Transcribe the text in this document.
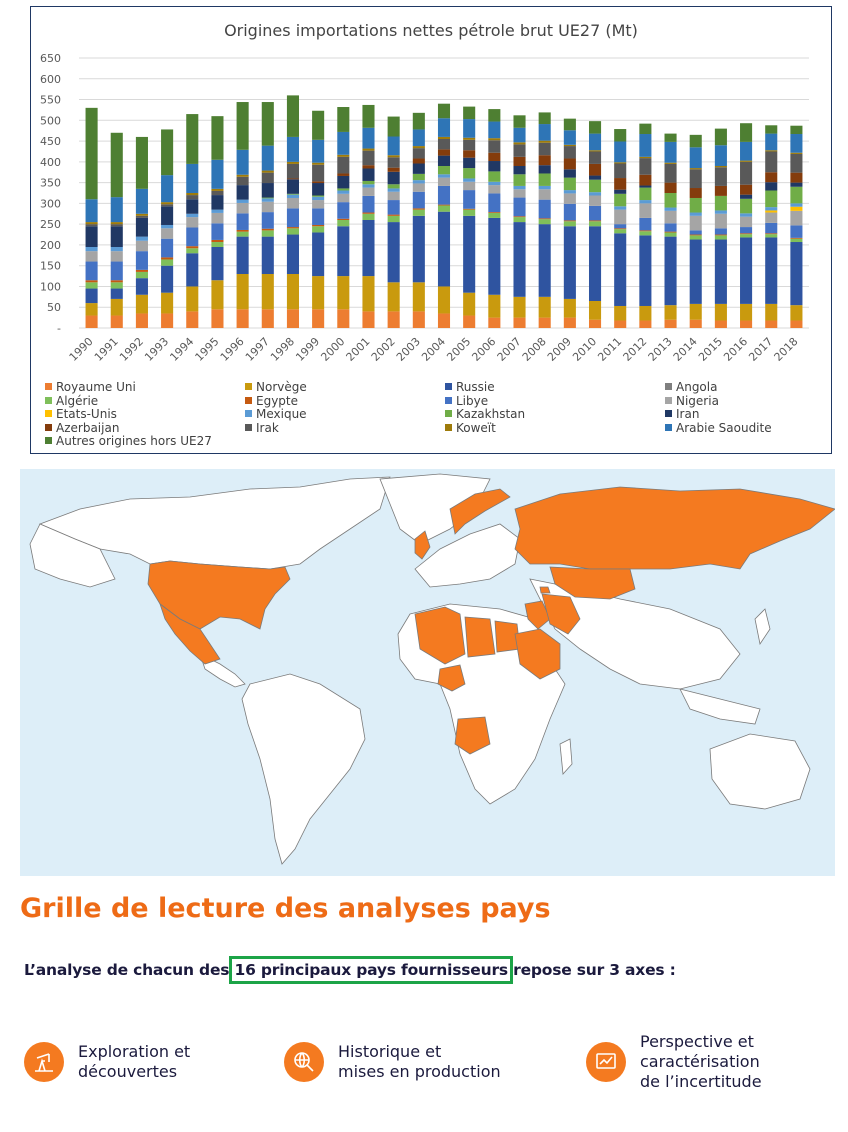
Origines importations nettes pétrole brut UE27 (Mt)
-
50
100
150
200
250
300
350
400
450
500
550
600
650
1990
1991
1992
1993
1994
1995
1996
1997
1998
1999
2000
2001
2002
2003
2004
2005
2006
2007
2008
2009
2010
2011
2012
2013
2014
2015
2016
2017
2018
Royaume Uni	Norvège	Russie	Angola
Algérie	Egypte	Libye	Nigeria
Etats-Unis	Mexique	Kazakhstan	Iran
Azerbaijan	Irak	Koweït	Arabie Saoudite
Autres origines hors UE27
Grille de lecture des analyses pays
L’analyse de chacun des 16 principaux pays fournisseurs repose sur 3 axes :
Exploration et
découvertes
Historique et
mises en production
Perspective et
caractérisation
de l’incertitude
